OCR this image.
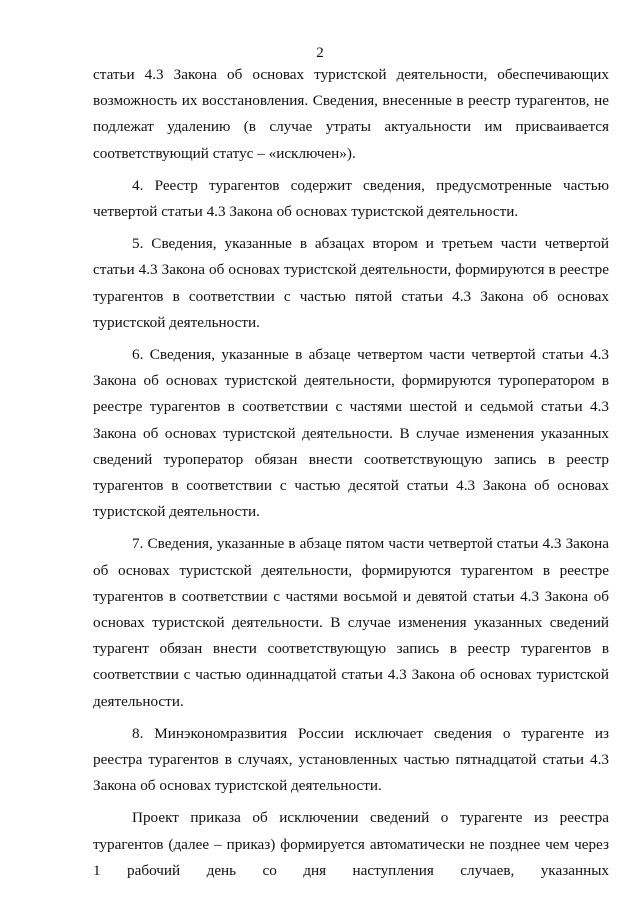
2

статьи 4.3 Закона об основах туристской деятельности, обеспечивающих возможность их восстановления. Сведения, внесенные в реестр турагентов, не подлежат удалению (в случае утраты актуальности им присваивается соответствующий статус – «исключен»).

4. Реестр турагентов содержит сведения, предусмотренные частью четвертой статьи 4.3 Закона об основах туристской деятельности.

5. Сведения, указанные в абзацах втором и третьем части четвертой статьи 4.3 Закона об основах туристской деятельности, формируются в реестре турагентов в соответствии с частью пятой статьи 4.3 Закона об основах туристской деятельности.

6. Сведения, указанные в абзаце четвертом части четвертой статьи 4.3 Закона об основах туристской деятельности, формируются туроператором в реестре турагентов в соответствии с частями шестой и седьмой статьи 4.3 Закона об основах туристской деятельности. В случае изменения указанных сведений туроператор обязан внести соответствующую запись в реестр турагентов в соответствии с частью десятой статьи 4.3 Закона об основах туристской деятельности.

7. Сведения, указанные в абзаце пятом части четвертой статьи 4.3 Закона об основах туристской деятельности, формируются турагентом в реестре турагентов в соответствии с частями восьмой и девятой статьи 4.3 Закона об основах туристской деятельности. В случае изменения указанных сведений турагент обязан внести соответствующую запись в реестр турагентов в соответствии с частью одиннадцатой статьи 4.3 Закона об основах туристской деятельности.

8. Минэкономразвития России исключает сведения о турагенте из реестра турагентов в случаях, установленных частью пятнадцатой статьи 4.3 Закона об основах туристской деятельности.

Проект приказа об исключении сведений о турагенте из реестра турагентов (далее – приказ) формируется автоматически не позднее чем через 1 рабочий день со дня наступления случаев, указанных
